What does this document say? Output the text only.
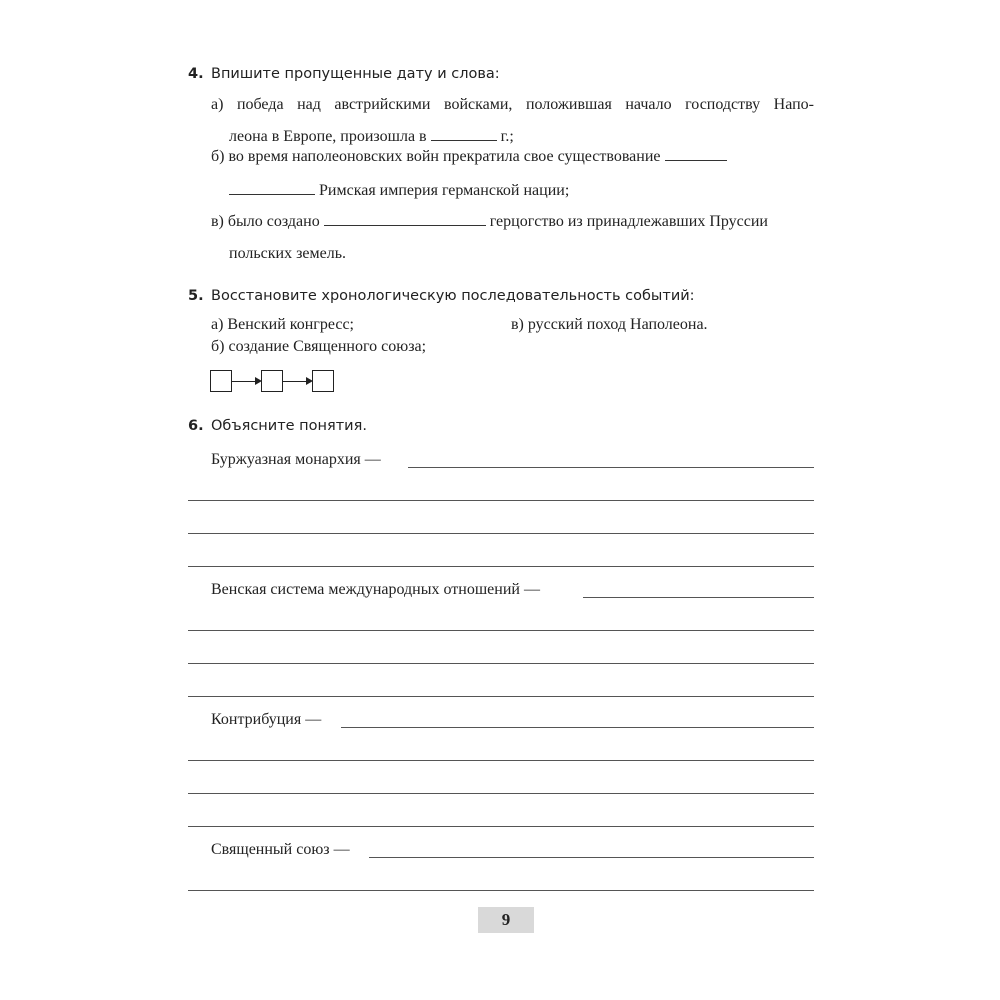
4. Впишите пропущенные дату и слова:
а) победа над австрийскими войсками, положившая начало господству Напо-
леона в Европе, произошла в	г.;
б) во время наполеоновских войн прекратила свое существование
Римская империя германской нации;
в) было создано	герцогство из принадлежавших Пруссии
польских земель.
5. Восстановите хронологическую последовательность событий:
а) Венский конгресс;	в) русский поход Наполеона.
б) создание Священного союза;
6. Объясните понятия.
Буржуазная монархия —
Венская система международных отношений —
Контрибуция —
Священный союз —
9
